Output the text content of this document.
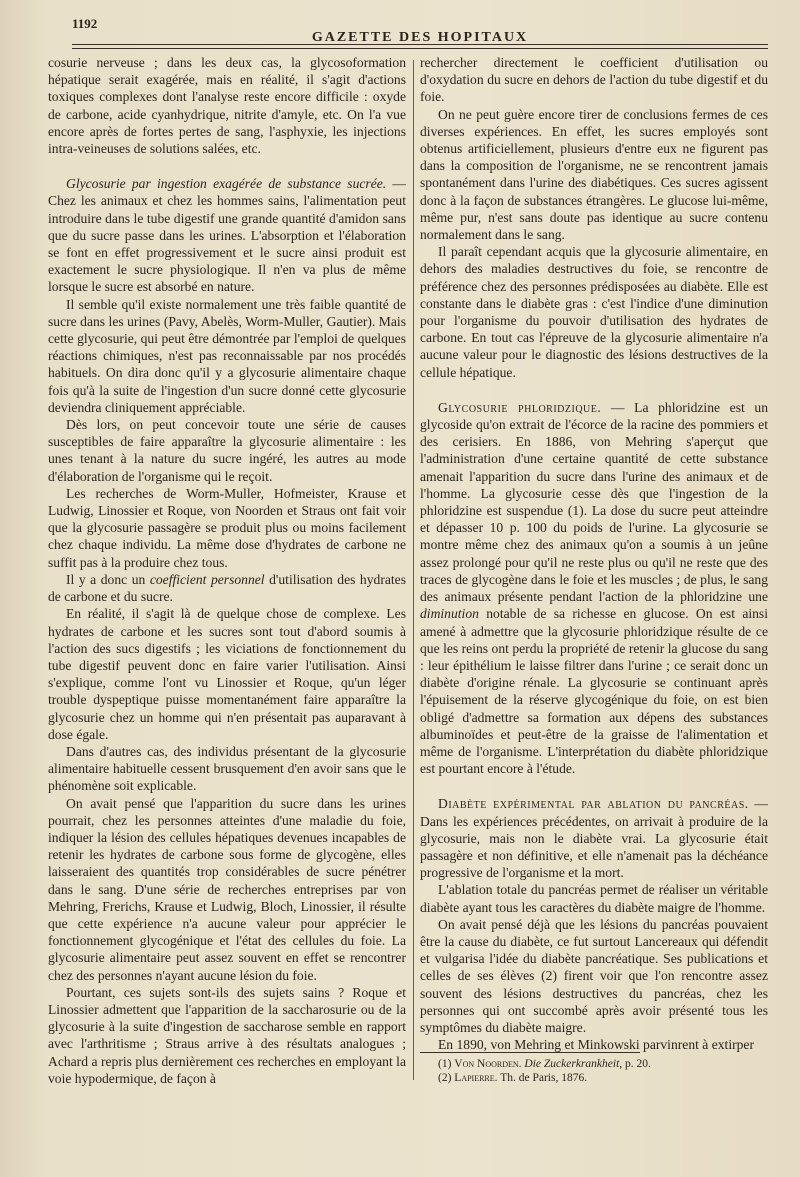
1192
GAZETTE DES HOPITAUX

cosurie nerveuse ; dans les deux cas, la glycosoformation hépatique serait exagérée, mais en réalité, il s'agit d'actions toxiques complexes dont l'analyse reste encore difficile : oxyde de carbone, acide cyanhydrique, nitrite d'amyle, etc. On l'a vue encore après de fortes pertes de sang, l'asphyxie, les injections intra-veineuses de solutions salées, etc.

Glycosurie par ingestion exagérée de substance sucrée. — Chez les animaux et chez les hommes sains, l'alimentation peut introduire dans le tube digestif une grande quantité d'amidon sans que du sucre passe dans les urines. L'absorption et l'élaboration se font en effet progressivement et le sucre ainsi produit est exactement le sucre physiologique. Il n'en va plus de même lorsque le sucre est absorbé en nature.

Il semble qu'il existe normalement une très faible quantité de sucre dans les urines (Pavy, Abelès, Worm-Muller, Gautier). Mais cette glycosurie, qui peut être démontrée par l'emploi de quelques réactions chimiques, n'est pas reconnaissable par nos procédés habituels. On dira donc qu'il y a glycosurie alimentaire chaque fois qu'à la suite de l'ingestion d'un sucre donné cette glycosurie deviendra cliniquement appréciable.

Dès lors, on peut concevoir toute une série de causes susceptibles de faire apparaître la glycosurie alimentaire : les unes tenant à la nature du sucre ingéré, les autres au mode d'élaboration de l'organisme qui le reçoit.

Les recherches de Worm-Muller, Hofmeister, Krause et Ludwig, Linossier et Roque, von Noorden et Straus ont fait voir que la glycosurie passagère se produit plus ou moins facilement chez chaque individu. La même dose d'hydrates de carbone ne suffit pas à la produire chez tous.

Il y a donc un coefficient personnel d'utilisation des hydrates de carbone et du sucre.

En réalité, il s'agit là de quelque chose de complexe. Les hydrates de carbone et les sucres sont tout d'abord soumis à l'action des sucs digestifs ; les viciations de fonctionnement du tube digestif peuvent donc en faire varier l'utilisation. Ainsi s'explique, comme l'ont vu Linossier et Roque, qu'un léger trouble dyspeptique puisse momentanément faire apparaître la glycosurie chez un homme qui n'en présentait pas auparavant à dose égale.

Dans d'autres cas, des individus présentant de la glycosurie alimentaire habituelle cessent brusquement d'en avoir sans que le phénomène soit explicable.

On avait pensé que l'apparition du sucre dans les urines pourrait, chez les personnes atteintes d'une maladie du foie, indiquer la lésion des cellules hépatiques devenues incapables de retenir les hydrates de carbone sous forme de glycogène, elles laisseraient des quantités trop considérables de sucre pénétrer dans le sang. D'une série de recherches entreprises par von Mehring, Frerichs, Krause et Ludwig, Bloch, Linossier, il résulte que cette expérience n'a aucune valeur pour apprécier le fonctionnement glycogénique et l'état des cellules du foie. La glycosurie alimentaire peut assez souvent en effet se rencontrer chez des personnes n'ayant aucune lésion du foie.

Pourtant, ces sujets sont-ils des sujets sains ? Roque et Linossier admettent que l'apparition de la saccharosurie ou de la glycosurie à la suite d'ingestion de saccharose semble en rapport avec l'arthritisme ; Straus arrive à des résultats analogues ; Achard a repris plus dernièrement ces recherches en employant la voie hypodermique, de façon à

rechercher directement le coefficient d'utilisation ou d'oxydation du sucre en dehors de l'action du tube digestif et du foie.

On ne peut guère encore tirer de conclusions fermes de ces diverses expériences. En effet, les sucres employés sont obtenus artificiellement, plusieurs d'entre eux ne figurent pas dans la composition de l'organisme, ne se rencontrent jamais spontanément dans l'urine des diabétiques. Ces sucres agissent donc à la façon de substances étrangères. Le glucose lui-même, même pur, n'est sans doute pas identique au sucre contenu normalement dans le sang.

Il paraît cependant acquis que la glycosurie alimentaire, en dehors des maladies destructives du foie, se rencontre de préférence chez des personnes prédisposées au diabète. Elle est constante dans le diabète gras : c'est l'indice d'une diminution pour l'organisme du pouvoir d'utilisation des hydrates de carbone. En tout cas l'épreuve de la glycosurie alimentaire n'a aucune valeur pour le diagnostic des lésions destructives de la cellule hépatique.

Glycosurie phloridzique. — La phloridzine est un glycoside qu'on extrait de l'écorce de la racine des pommiers et des cerisiers. En 1886, von Mehring s'aperçut que l'administration d'une certaine quantité de cette substance amenait l'apparition du sucre dans l'urine des animaux et de l'homme. La glycosurie cesse dès que l'ingestion de la phloridzine est suspendue (1). La dose du sucre peut atteindre et dépasser 10 p. 100 du poids de l'urine. La glycosurie se montre même chez des animaux qu'on a soumis à un jeûne assez prolongé pour qu'il ne reste plus ou qu'il ne reste que des traces de glycogène dans le foie et les muscles ; de plus, le sang des animaux présente pendant l'action de la phloridzine une diminution notable de sa richesse en glucose. On est ainsi amené à admettre que la glycosurie phloridzique résulte de ce que les reins ont perdu la propriété de retenir la glucose du sang : leur épithélium le laisse filtrer dans l'urine ; ce serait donc un diabète d'origine rénale. La glycosurie se continuant après l'épuisement de la réserve glycogénique du foie, on est bien obligé d'admettre sa formation aux dépens des substances albuminoïdes et peut-être de la graisse de l'alimentation et même de l'organisme. L'interprétation du diabète phloridzique est pourtant encore à l'étude.

Diabète expérimental par ablation du pancréas. — Dans les expériences précédentes, on arrivait à produire de la glycosurie, mais non le diabète vrai. La glycosurie était passagère et non définitive, et elle n'amenait pas la déchéance progressive de l'organisme et la mort.

L'ablation totale du pancréas permet de réaliser un véritable diabète ayant tous les caractères du diabète maigre de l'homme.

On avait pensé déjà que les lésions du pancréas pouvaient être la cause du diabète, ce fut surtout Lancereaux qui défendit et vulgarisa l'idée du diabète pancréatique. Ses publications et celles de ses élèves (2) firent voir que l'on rencontre assez souvent des lésions destructives du pancréas, chez les personnes qui ont succombé après avoir présenté tous les symptômes du diabète maigre.

En 1890, von Mehring et Minkowski parvinrent à extirper

(1) Von Noorden. Die Zuckerkrankheit, p. 20.

(2) Lapierre. Th. de Paris, 1876.
